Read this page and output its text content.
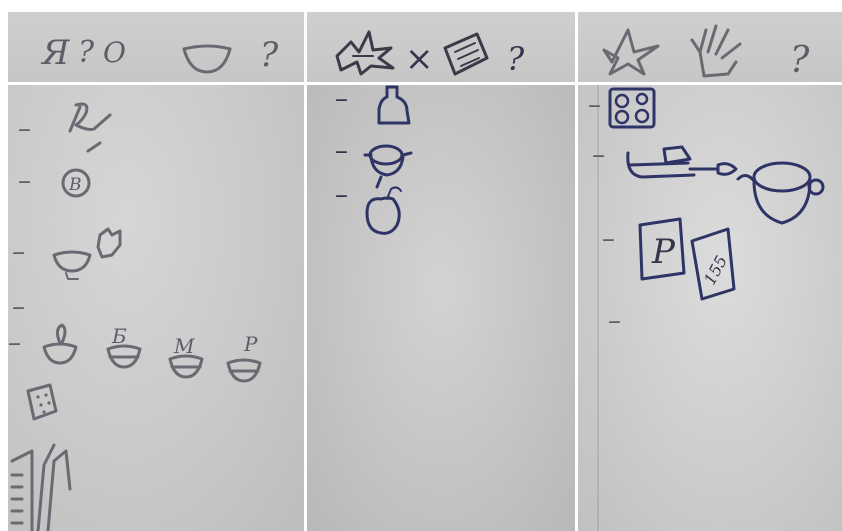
Я ? О	?	× ?	?
–
– В
–
–
–	Б М Р
–
–
–
–
–
– P 155
–
